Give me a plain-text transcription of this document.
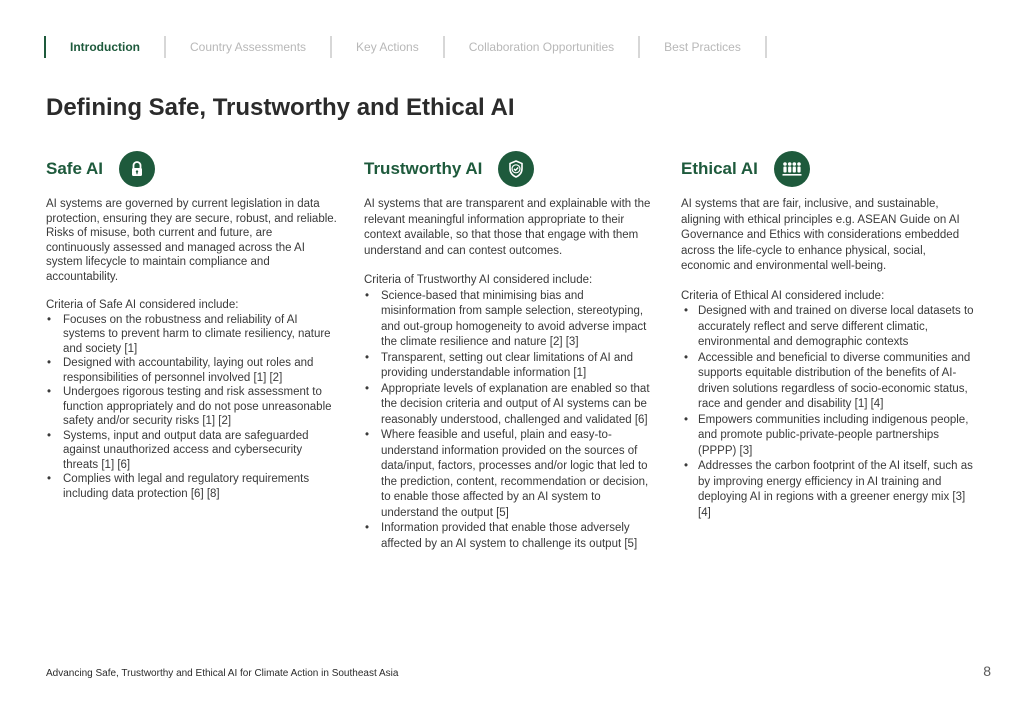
Introduction	Country Assessments	Key Actions	Collaboration Opportunities	Best Practices
Defining Safe, Trustworthy and Ethical AI
Safe AI

AI systems are governed by current legislation in data protection, ensuring they are secure, robust, and reliable. Risks of misuse, both current and future, are continuously assessed and managed across the AI system lifecycle to maintain compliance and accountability.

Criteria of Safe AI considered include:

• Focuses on the robustness and reliability of AI systems to prevent harm to climate resiliency, nature and society [1]
• Designed with accountability, laying out roles and responsibilities of personnel involved [1] [2]
• Undergoes rigorous testing and risk assessment to function appropriately and do not pose unreasonable safety and/or security risks [1] [2]
• Systems, input and output data are safeguarded against unauthorized access and cybersecurity threats [1] [6]
• Complies with legal and regulatory requirements including data protection [6] [8]
Trustworthy AI

AI systems that are transparent and explainable with the relevant meaningful information appropriate to their context available, so that those that engage with them understand and can contest outcomes.

Criteria of Trustworthy AI considered include:

• Science-based that minimising bias and misinformation from sample selection, stereotyping, and out-group homogeneity to avoid adverse impact the climate resilience and nature [2] [3]
• Transparent, setting out clear limitations of AI and providing understandable information [1]
• Appropriate levels of explanation are enabled so that the decision criteria and output of AI systems can be reasonably understood, challenged and validated [6]
• Where feasible and useful, plain and easy-to-understand information provided on the sources of data/input, factors, processes and/or logic that led to the prediction, content, recommendation or decision, to enable those affected by an AI system to understand the output [5]
• Information provided that enable those adversely affected by an AI system to challenge its output [5]
Ethical AI

AI systems that are fair, inclusive, and sustainable, aligning with ethical principles e.g. ASEAN Guide on AI Governance and Ethics with considerations embedded across the life-cycle to enhance physical, social, economic and environmental well-being.

Criteria of Ethical AI considered include:

• Designed with and trained on diverse local datasets to accurately reflect and serve different climatic, environmental and demographic contexts
• Accessible and beneficial to diverse communities and supports equitable distribution of the benefits of AI-driven solutions regardless of socio-economic status, race and gender and disability [1] [4]
• Empowers communities including indigenous people, and promote public-private-people partnerships (PPPP) [3]
• Addresses the carbon footprint of the AI itself, such as by improving energy efficiency in AI training and deploying AI in regions with a greener energy mix [3] [4]
Advancing Safe, Trustworthy and Ethical AI for Climate Action in Southeast Asia	8
